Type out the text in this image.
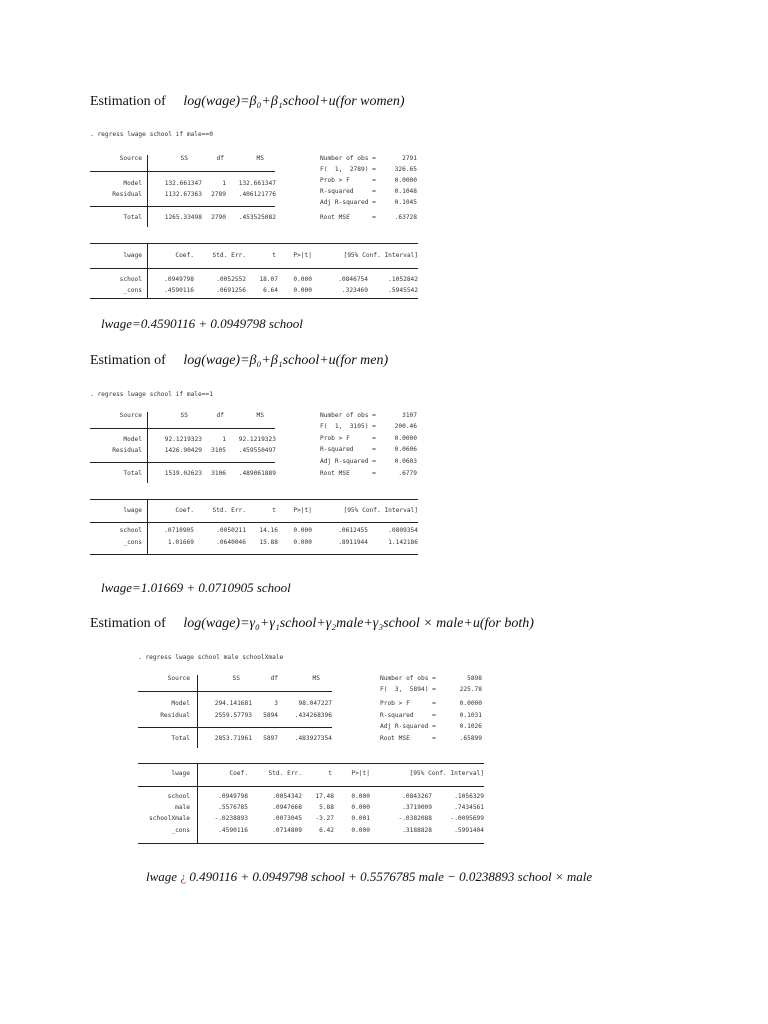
Estimation of log(wage)=β₀+β₁school+u(for women)
. regress lwage school if male==0
Source	SS	df	MS
Model	132.661347	1	132.661347
Residual	1132.67363	2789	.406121776
Total	1265.33498	2790	.453525082
Number of obs =	2791
F(  1,  2789) =	326.65
Prob > F      =	0.0000
R-squared     =	0.1048
Adj R-squared =	0.1045
Root MSE      =	.63728
lwage	Coef.	Std. Err.	t	P>|t|	[95% Conf. Interval]
school	.0949798	.0052552	18.07	0.000	.0846754	.1052842
_cons	.4590116	.0691256	6.64	0.000	.323469	.5945542
lwage=0.4590116 + 0.0949798 school
Estimation of log(wage)=β₀+β₁school+u(for men)
. regress lwage school if male==1
Source	SS	df	MS
Model	92.1219323	1	92.1219323
Residual	1426.90429	3105	.459550497
Total	1519.02623	3106	.489061889
Number of obs =	3107
F(  1,  3105) =	200.46
Prob > F      =	0.0000
R-squared     =	0.0606
Adj R-squared =	0.0603
Root MSE      =	.6779
lwage	Coef.	Std. Err.	t	P>|t|	[95% Conf. Interval]
school	.0710905	.0050211	14.16	0.000	.0612455	.0809354
_cons	1.01669	.0640046	15.88	0.000	.8911944	1.142186
lwage=1.01669 + 0.0710905 school
Estimation of log(wage)=γ₀+γ₁school+γ₂male+γ₃school × male+u(for both)
. regress lwage school male schoolXmale
Source	SS	df	MS
Model	294.141681	3	98.047227
Residual	2559.57793	5894	.434268396
Total	2853.71961	5897	.483927354
Number of obs =	5898
F(  3,  5894) =	225.78
Prob > F      =	0.0000
R-squared     =	0.1031
Adj R-squared =	0.1026
Root MSE      =	.65899
lwage	Coef.	Std. Err.	t	P>|t|	[95% Conf. Interval]
school	.0949798	.0054342	17.48	0.000	.0843267	.1056329
male	.5576785	.0947668	5.88	0.000	.3719009	.7434561
schoolXmale	-.0238893	.0073045	-3.27	0.001	-.0382088	-.0095699
_cons	.4590116	.0714809	6.42	0.000	.3188828	.5991404
lwage ¿ 0.490116 + 0.0949798 school + 0.5576785 male − 0.0238893 school × male
